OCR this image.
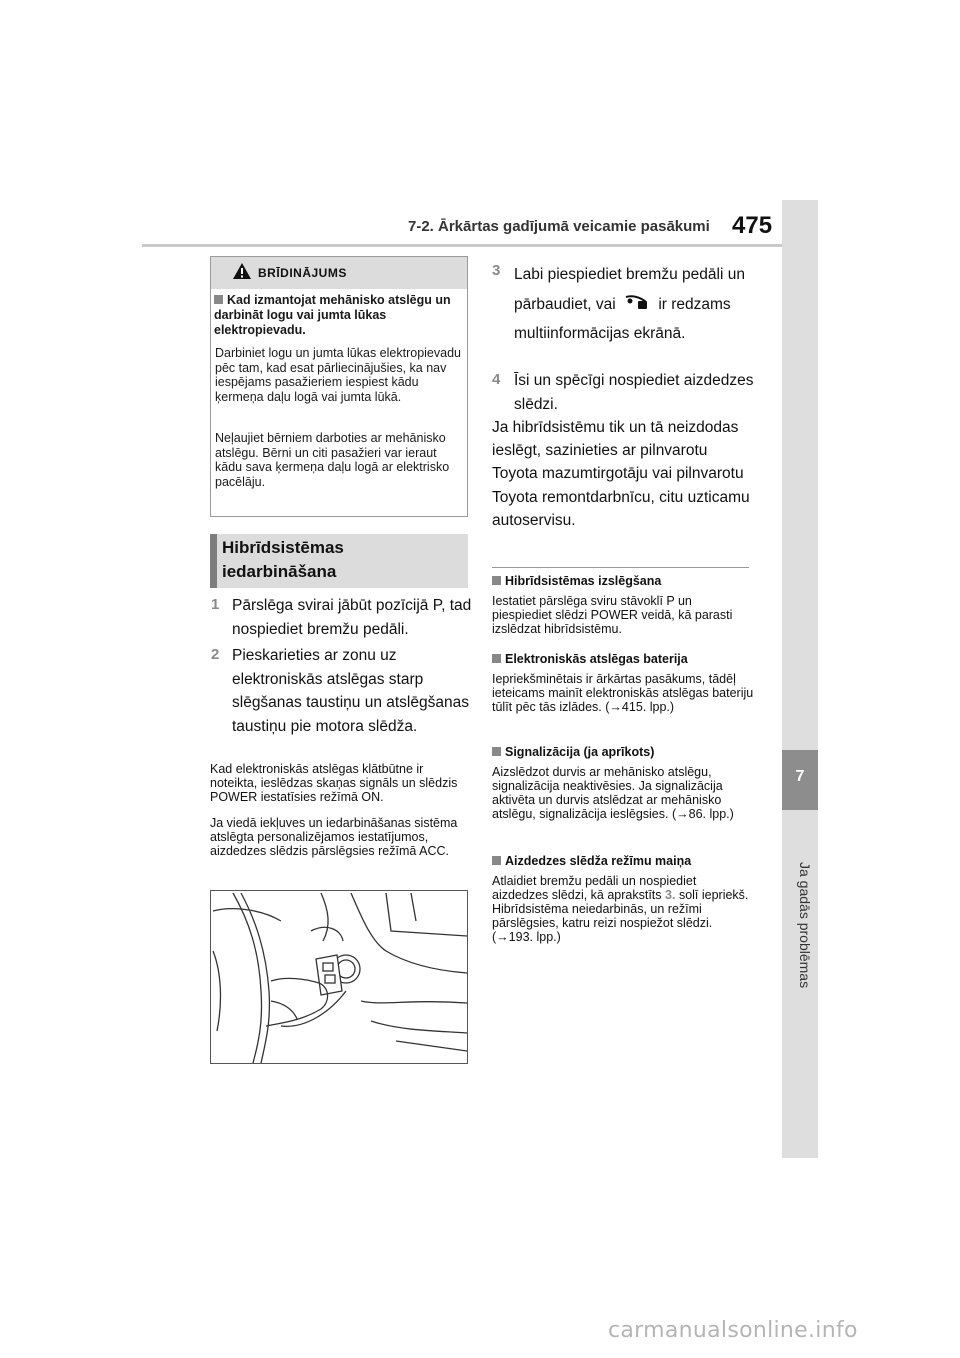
7-2. Ārkārtas gadījumā veicamie pasākumi 475
7
Ja gadās problēmas
BRĪDINĀJUMS
Kad izmantojat mehānisko atslēgu un darbināt logu vai jumta lūkas elektropievadu.
Darbiniet logu un jumta lūkas elektropievadu pēc tam, kad esat pārliecinājušies, ka nav iespējams pasažieriem iespiest kādu ķermeņa daļu logā vai jumta lūkā.
Neļaujiet bērniem darboties ar mehānisko atslēgu. Bērni un citi pasažieri var ieraut kādu sava ķermeņa daļu logā ar elektrisko pacēlāju.
Hibrīdsistēmas iedarbināšana
1 Pārslēga svirai jābūt pozīcijā P, tad nospiediet bremžu pedāli.
2 Pieskarieties ar zonu uz elektroniskās atslēgas starp slēgšanas taustiņu un atslēgšanas taustiņu pie motora slēdža.
Kad elektroniskās atslēgas klātbūtne ir noteikta, ieslēdzas skaņas signāls un slēdzis POWER iestatīsies režīmā ON.
Ja viedā iekļuves un iedarbināšanas sistēma atslēgta personalizējamos iestatījumos, aizdedzes slēdzis pārslēgsies režīmā ACC.
3 Labi piespiediet bremžu pedāli un pārbaudiet, vai	ir redzams multiinformācijas ekrānā.
4 Īsi un spēcīgi nospiediet aizdedzes slēdzi.
Ja hibrīdsistēmu tik un tā neizdodas ieslēgt, sazinieties ar pilnvarotu Toyota mazumtirgotāju vai pilnvarotu Toyota remontdarbnīcu, citu uzticamu autoservisu.
Hibrīdsistēmas izslēgšana
Iestatiet pārslēga sviru stāvoklī P un piespiediet slēdzi POWER veidā, kā parasti izslēdzat hibrīdsistēmu.
Elektroniskās atslēgas baterija
Iepriekšminētais ir ārkārtas pasākums, tādēļ ieteicams mainīt elektroniskās atslēgas bateriju tūlīt pēc tās izlādes. (→415. lpp.)
Signalizācija (ja aprīkots)
Aizslēdzot durvis ar mehānisko atslēgu, signalizācija neaktivēsies. Ja signalizācija aktivēta un durvis atslēdzat ar mehānisko atslēgu, signalizācija ieslēgsies. (→86. lpp.)
Aizdedzes slēdža režīmu maiņa
Atlaidiet bremžu pedāli un nospiediet aizdedzes slēdzi, kā aprakstīts 3. solī iepriekš. Hibrīdsistēma neiedarbinās, un režīmi pārslēgsies, katru reizi nospiežot slēdzi. (→193. lpp.)
carmanualsonline.info
